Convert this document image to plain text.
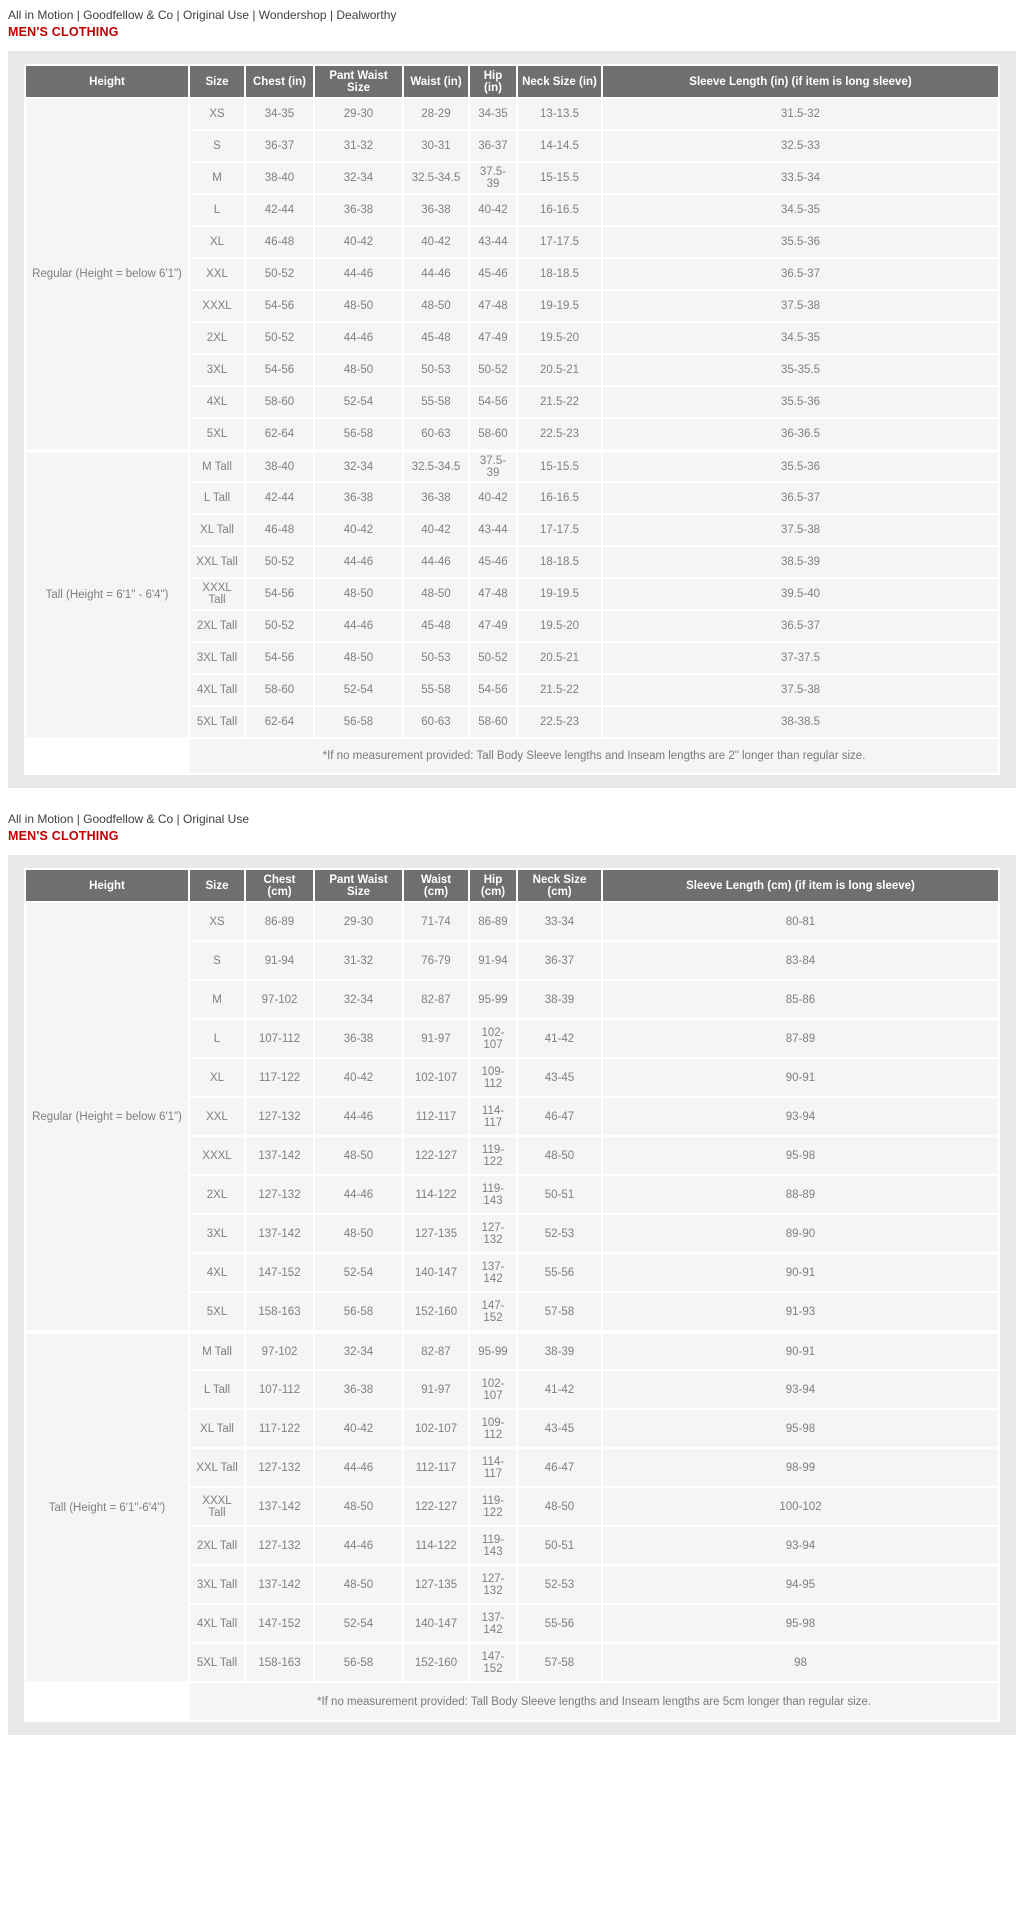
All in Motion | Goodfellow & Co | Original Use | Wondershop | Dealworthy

MEN'S CLOTHING

Height	Size	Chest (in)	Pant Waist Size	Waist (in)	Hip (in)	Neck Size (in)	Sleeve Length (in) (if item is long sleeve)
Regular (Height = below 6'1")	XS	34-35	29-30	28-29	34-35	13-13.5	31.5-32
	S	36-37	31-32	30-31	36-37	14-14.5	32.5-33
	M	38-40	32-34	32.5-34.5	37.5-39	15-15.5	33.5-34
	L	42-44	36-38	36-38	40-42	16-16.5	34.5-35
	XL	46-48	40-42	40-42	43-44	17-17.5	35.5-36
	XXL	50-52	44-46	44-46	45-46	18-18.5	36.5-37
	XXXL	54-56	48-50	48-50	47-48	19-19.5	37.5-38
	2XL	50-52	44-46	45-48	47-49	19.5-20	34.5-35
	3XL	54-56	48-50	50-53	50-52	20.5-21	35-35.5
	4XL	58-60	52-54	55-58	54-56	21.5-22	35.5-36
	5XL	62-64	56-58	60-63	58-60	22.5-23	36-36.5
Tall (Height = 6'1" - 6'4")	M Tall	38-40	32-34	32.5-34.5	37.5-39	15-15.5	35.5-36
	L Tall	42-44	36-38	36-38	40-42	16-16.5	36.5-37
	XL Tall	46-48	40-42	40-42	43-44	17-17.5	37.5-38
	XXL Tall	50-52	44-46	44-46	45-46	18-18.5	38.5-39
	XXXL Tall	54-56	48-50	48-50	47-48	19-19.5	39.5-40
	2XL Tall	50-52	44-46	45-48	47-49	19.5-20	36.5-37
	3XL Tall	54-56	48-50	50-53	50-52	20.5-21	37-37.5
	4XL Tall	58-60	52-54	55-58	54-56	21.5-22	37.5-38
	5XL Tall	62-64	56-58	60-63	58-60	22.5-23	38-38.5
	*If no measurement provided: Tall Body Sleeve lengths and Inseam lengths are 2" longer than regular size.						

All in Motion | Goodfellow & Co | Original Use

MEN'S CLOTHING

Height	Size	Chest (cm)	Pant Waist Size	Waist (cm)	Hip (cm)	Neck Size (cm)	Sleeve Length (cm) (if item is long sleeve)
Regular (Height = below 6'1")	XS	86-89	29-30	71-74	86-89	33-34	80-81
	S	91-94	31-32	76-79	91-94	36-37	83-84
	M	97-102	32-34	82-87	95-99	38-39	85-86
	L	107-112	36-38	91-97	102-107	41-42	87-89
	XL	117-122	40-42	102-107	109-112	43-45	90-91
	XXL	127-132	44-46	112-117	114-117	46-47	93-94
	XXXL	137-142	48-50	122-127	119-122	48-50	95-98
	2XL	127-132	44-46	114-122	119-143	50-51	88-89
	3XL	137-142	48-50	127-135	127-132	52-53	89-90
	4XL	147-152	52-54	140-147	137-142	55-56	90-91
	5XL	158-163	56-58	152-160	147-152	57-58	91-93
Tall (Height = 6'1"-6'4")	M Tall	97-102	32-34	82-87	95-99	38-39	90-91
	L Tall	107-112	36-38	91-97	102-107	41-42	93-94
	XL Tall	117-122	40-42	102-107	109-112	43-45	95-98
	XXL Tall	127-132	44-46	112-117	114-117	46-47	98-99
	XXXL Tall	137-142	48-50	122-127	119-122	48-50	100-102
	2XL Tall	127-132	44-46	114-122	119-143	50-51	93-94
	3XL Tall	137-142	48-50	127-135	127-132	52-53	94-95
	4XL Tall	147-152	52-54	140-147	137-142	55-56	95-98
	5XL Tall	158-163	56-58	152-160	147-152	57-58	98
	*If no measurement provided: Tall Body Sleeve lengths and Inseam lengths are 5cm longer than regular size.						
